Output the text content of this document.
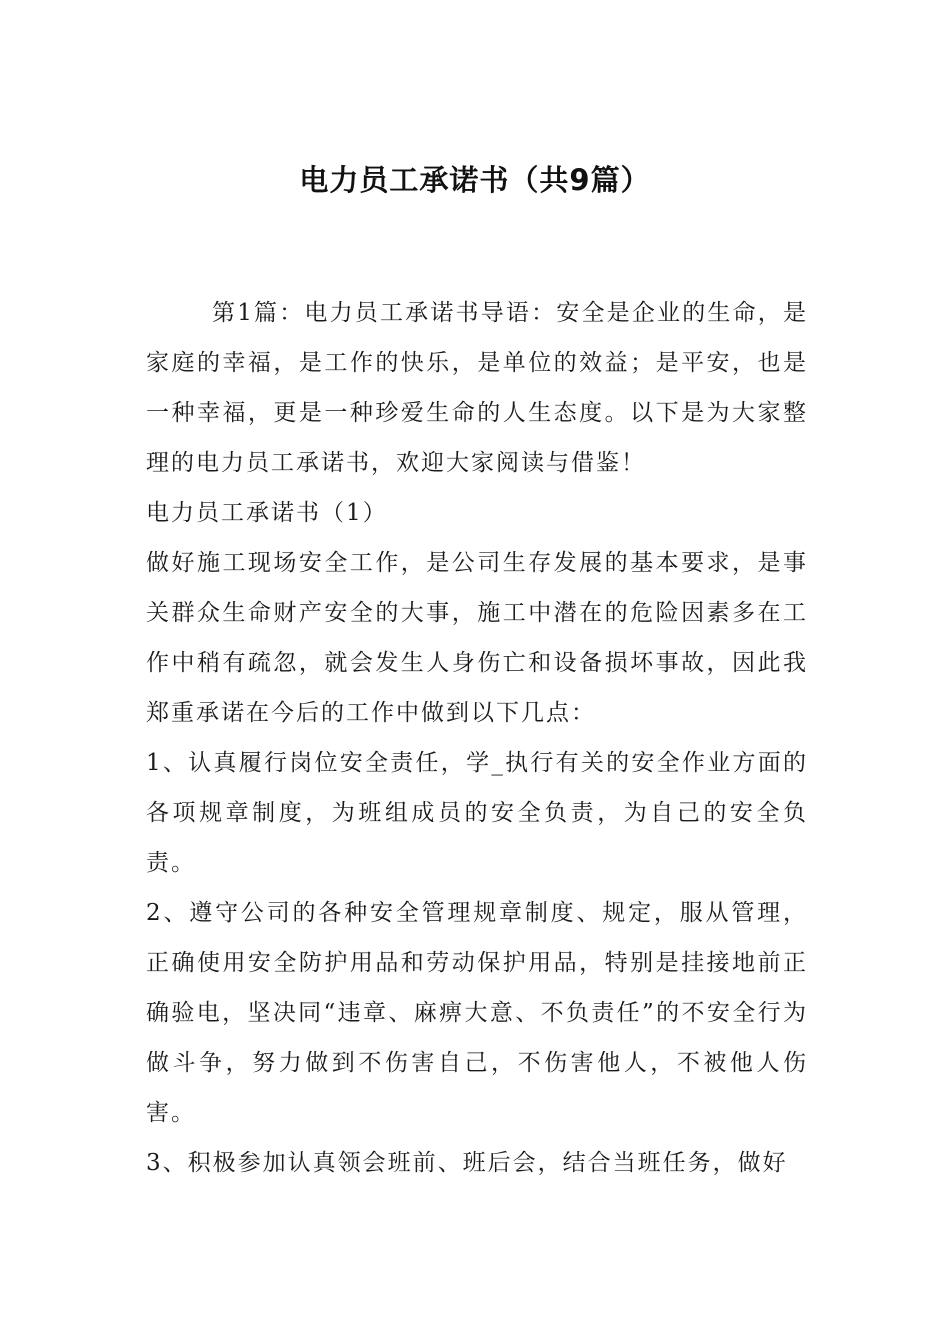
电力员工承诺书（共9篇）

第1篇：电力员工承诺书导语：安全是企业的生命，是家庭的幸福，是工作的快乐，是单位的效益；是平安，也是一种幸福，更是一种珍爱生命的人生态度。以下是为大家整理的电力员工承诺书，欢迎大家阅读与借鉴！

电力员工承诺书（1）

做好施工现场安全工作，是公司生存发展的基本要求，是事关群众生命财产安全的大事，施工中潜在的危险因素多在工作中稍有疏忽，就会发生人身伤亡和设备损坏事故，因此我郑重承诺在今后的工作中做到以下几点：

1、认真履行岗位安全责任，学_执行有关的安全作业方面的各项规章制度，为班组成员的安全负责，为自己的安全负责。

2、遵守公司的各种安全管理规章制度、规定，服从管理，正确使用安全防护用品和劳动保护用品，特别是挂接地前正确验电，坚决同“违章、麻痹大意、不负责任”的不安全行为做斗争，努力做到不伤害自己，不伤害他人，不被他人伤害。

3、积极参加认真领会班前、班后会，结合当班任务，做好
